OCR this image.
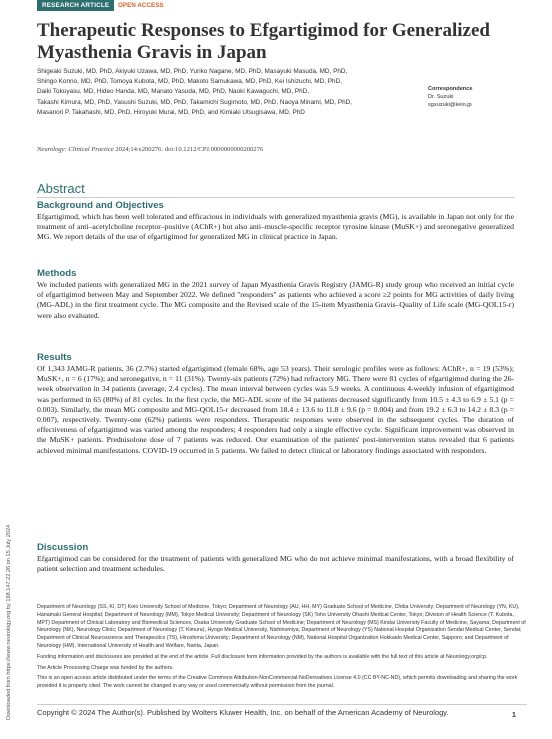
RESEARCH ARTICLE	OPEN ACCESS
Therapeutic Responses to Efgartigimod for Generalized Myasthenia Gravis in Japan
Shigeaki Suzuki, MD, PhD, Akiyuki Uzawa, MD, PhD, Yuriko Nagane, MD, PhD, Masayuki Masuda, MD, PhD,
Shingo Konno, MD, PhD, Tomoya Kubota, MD, PhD, Makoto Samukawa, MD, PhD, Kei Ishizuchi, MD, PhD,
Daiki Tokuyasu, MD, Hideo Handa, MD, Manato Yasuda, MD, PhD, Naoki Kawaguchi, MD, PhD,
Takashi Kimura, MD, PhD, Yasushi Suzuki, MD, PhD, Takamichi Sugimoto, MD, PhD, Naoya Minami, MD, PhD,
Masanori P. Takahashi, MD, PhD, Hiroyuki Murai, MD, PhD, and Kimiaki Utsugisawa, MD, PhD
Correspondence
Dr. Suzuki
sgsuzuki@keio.jp
Neurology: Clinical Practice 2024;14:e200276. doi:10.1212/CPJ.0000000000200276
Abstract
Background and Objectives

Efgartigimod, which has been well tolerated and efficacious in individuals with generalized myasthenia gravis (MG), is available in Japan not only for the treatment of anti–acetylcholine receptor–positive (AChR+) but also anti–muscle-specific receptor tyrosine kinase (MuSK+) and seronegative generalized MG. We report details of the use of efgartigimod for generalized MG in clinical practice in Japan.

Methods

We included patients with generalized MG in the 2021 survey of Japan Myasthenia Gravis Registry (JAMG-R) study group who received an initial cycle of efgartigimod between May and September 2022. We defined "responders" as patients who achieved a score ≥2 points for MG activities of daily living (MG-ADL) in the first treatment cycle. The MG composite and the Revised scale of the 15-item Myasthenia Gravis–Quality of Life scale (MG-QOL15-r) were also evaluated.

Results

Of 1,343 JAMG-R patients, 36 (2.7%) started efgartigimod (female 68%, age 53 years). Their serologic profiles were as follows: AChR+, n = 19 (53%); MuSK+, n = 6 (17%); and seronegative, n = 11 (31%). Twenty-six patients (72%) had refractory MG. There were 81 cycles of efgartigimod during the 26-week observation in 34 patients (average, 2.4 cycles). The mean interval between cycles was 5.9 weeks. A continuous 4-weekly infusion of efgartigimod was performed in 65 (80%) of 81 cycles. In the first cycle, the MG-ADL score of the 34 patients decreased significantly from 10.5 ± 4.3 to 6.9 ± 5.1 (p = 0.003). Similarly, the mean MG composite and MG-QOL15-r decreased from 18.4 ± 13.6 to 11.8 ± 9.6 (p = 0.004) and from 19.2 ± 6.3 to 14.2 ± 8.3 (p = 0.007), respectively. Twenty-one (62%) patients were responders. Therapeutic responses were observed in the subsequent cycles. The duration of effectiveness of efgartigimod was varied among the responders; 4 responders had only a single effective cycle. Significant improvement was observed in the MuSK+ patients. Prednisolone dose of 7 patients was reduced. Our examination of the patients' post-intervention status revealed that 6 patients achieved minimal manifestations. COVID-19 occurred in 5 patients. We failed to detect clinical or laboratory findings associated with responders.

Discussion

Efgartigimod can be considered for the treatment of patients with generalized MG who do not achieve minimal manifestations, with a broad flexibility of patient selection and treatment schedules.

Department of Neurology (SS, KI, DT) Keio University School of Medicine, Tokyo; Department of Neurology (AU, HH, MY) Graduate School of Medicine, Chiba University; Department of Neurology (YN, KU), Hanamaki General Hospital; Department of Neurology (MM), Tokyo Medical University; Department of Neurology (SK) Toho University Ohashi Medical Center, Tokyo; Division of Health Science (T. Kubota, MPT) Department of Clinical Laboratory and Biomedical Sciences, Osaka University Graduate School of Medicine; Department of Neurology (MS) Kindai University Faculty of Medicine, Sayama; Department of Neurology (NK), Neurology Clinic; Department of Neurology (T. Kimura), Hyogo Medical University, Nishinomiya; Department of Neurology (YS) National Hospital Organization Sendai Medical Center, Sendai; Department of Clinical Neuroscience and Therapeutics (TS), Hiroshima University; Department of Neurology (NM), National Hospital Organization Hokkaido Medical Center, Sapporo; and Department of Neurology (HM), International University of Health and Welfare, Narita, Japan.

Funding information and disclosures are provided at the end of the article. Full disclosure form information provided by the authors is available with the full text of this article at Neurology.org/cp.

The Article Processing Charge was funded by the authors.

This is an open access article distributed under the terms of the Creative Commons Attribution-NonCommercial-NoDerivatives License 4.0 (CC BY-NC-ND), which permits downloading and sharing the work provided it is properly cited. The work cannot be changed in any way or used commercially without permission from the journal.

Copyright © 2024 The Author(s). Published by Wolters Kluwer Health, Inc. on behalf of the American Academy of Neurology.	1
Downloaded from https://www.neurology.org by 198.147.22.26 on 15 July 2024
